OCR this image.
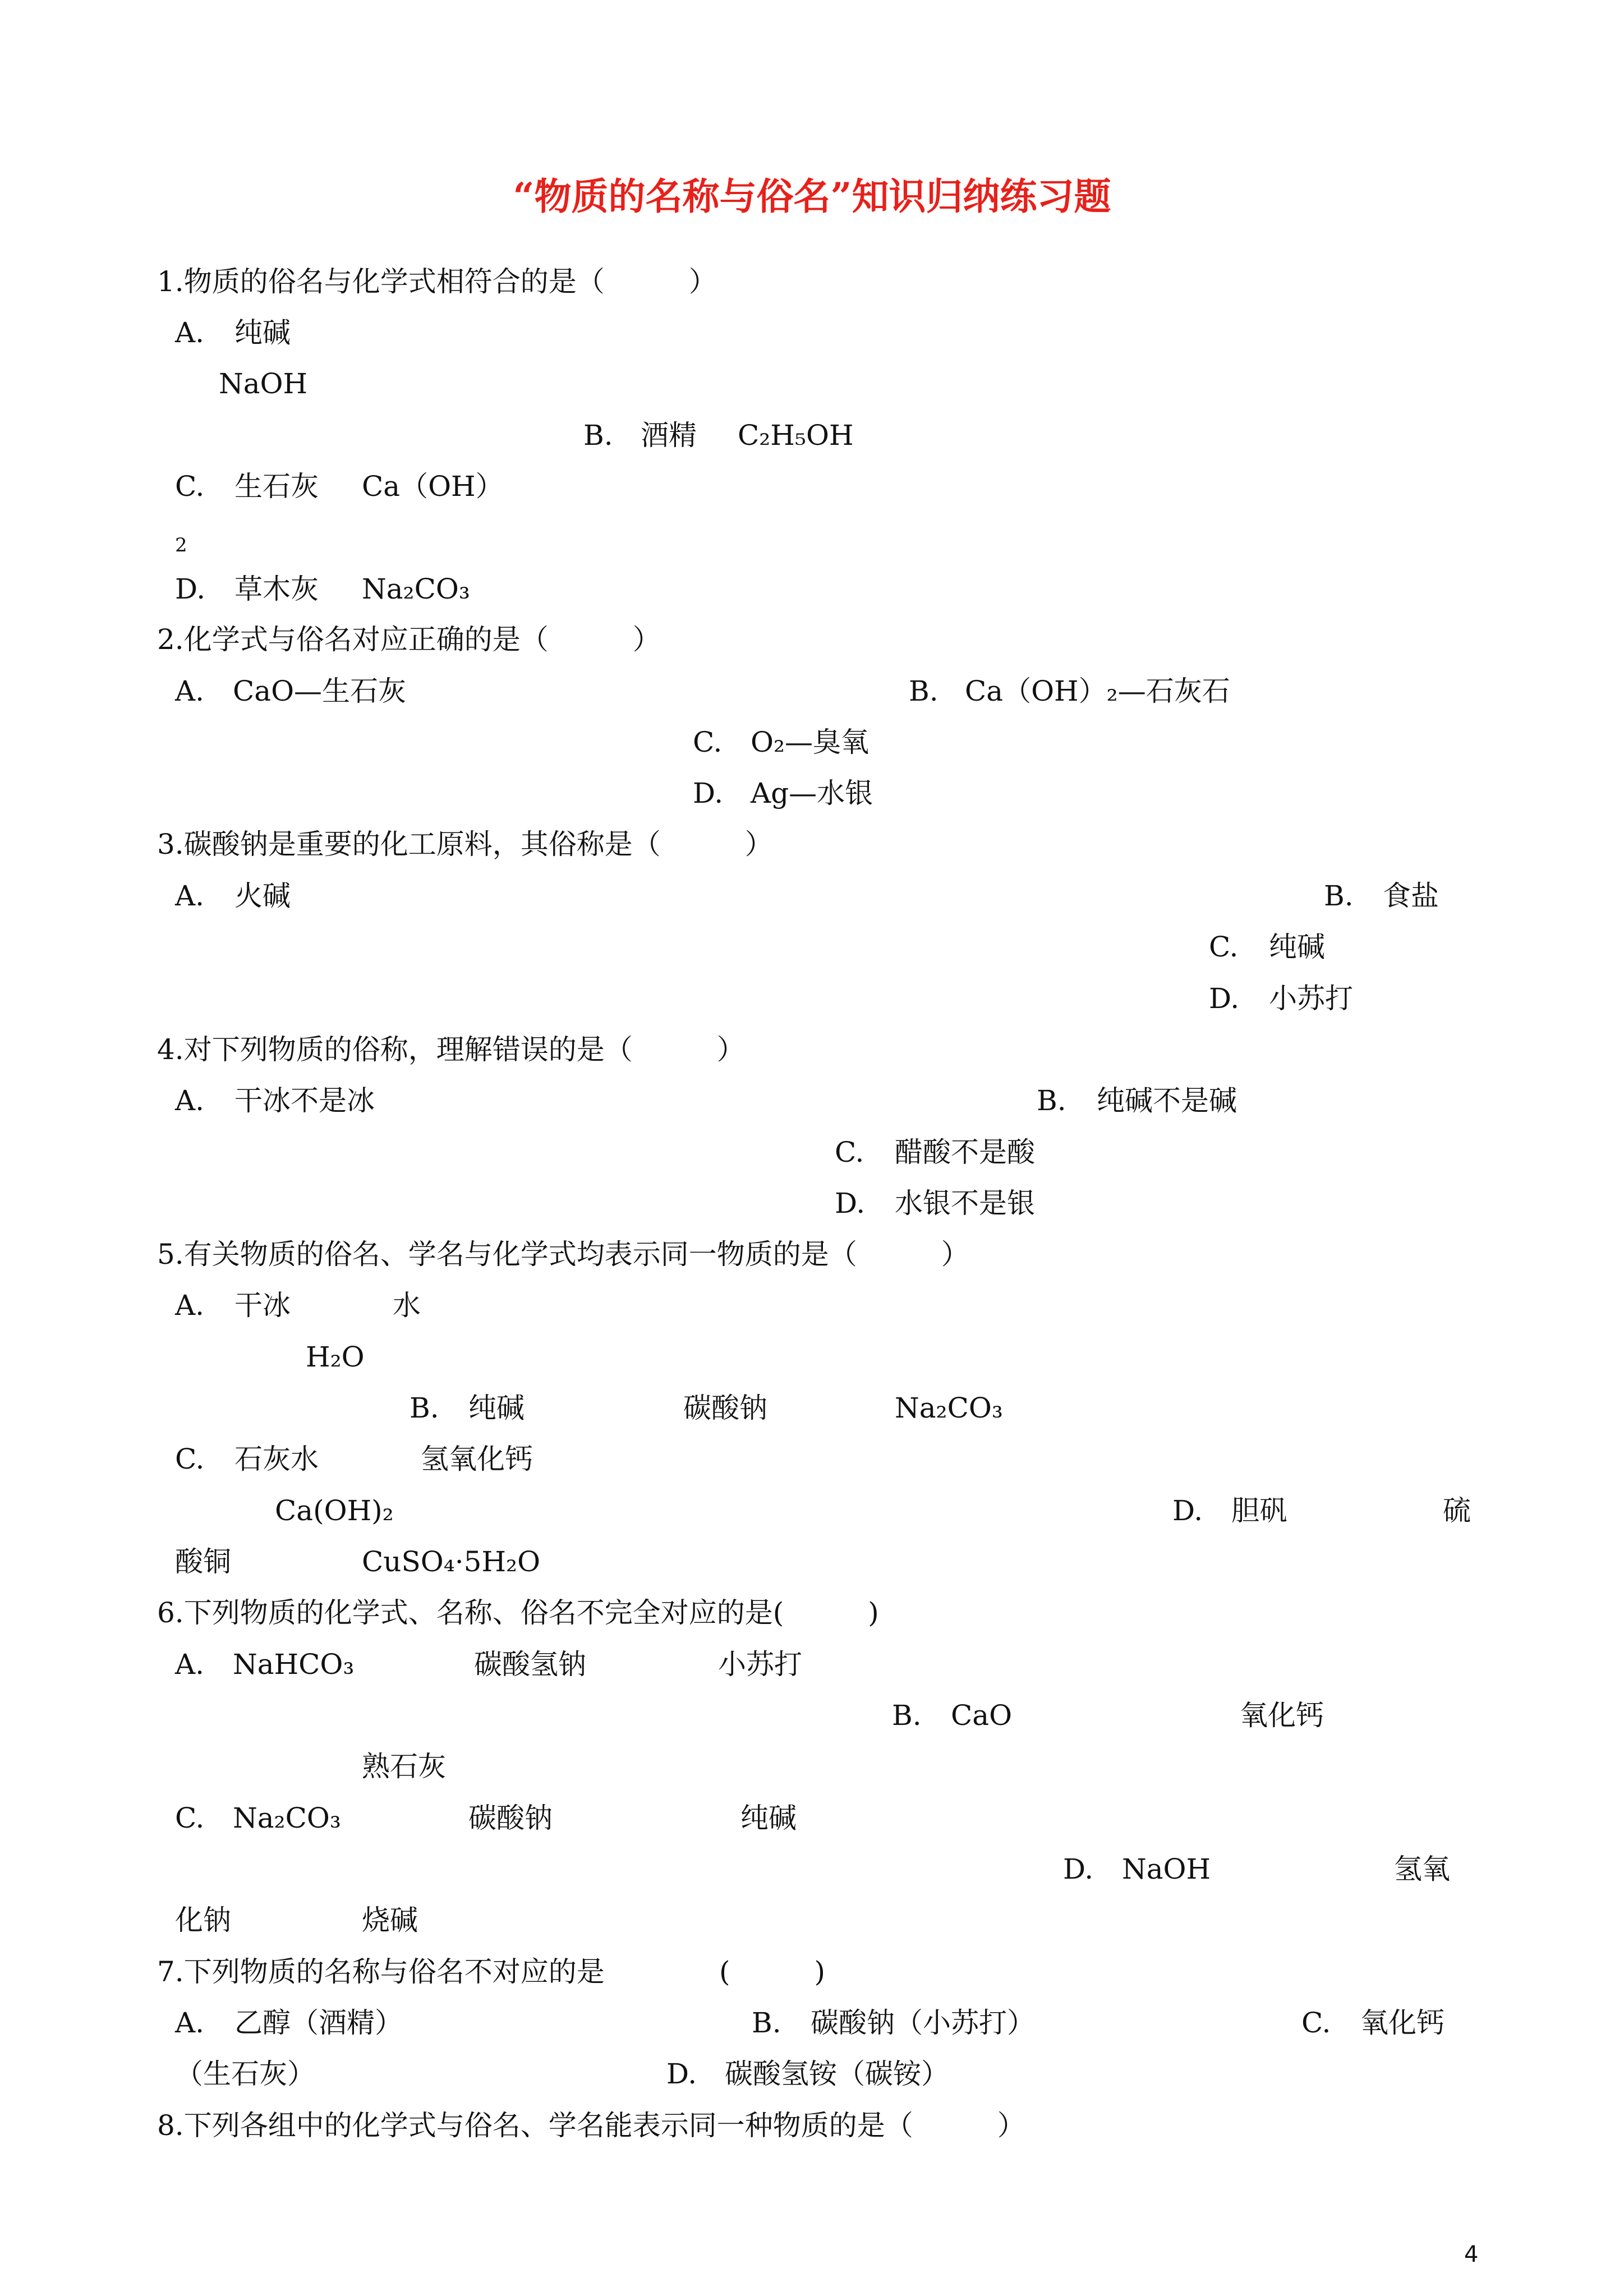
“物质的名称与俗名”知识归纳练习题
1.物质的俗名与化学式相符合的是（　　　）
A. 纯碱
NaOH
B. 酒精 C₂H₅OH
C. 生石灰 Ca（OH）
2
D. 草木灰 Na₂CO₃
2.化学式与俗名对应正确的是（　　　）
A. CaO—生石灰	B. Ca（OH）₂—石灰石
C. O₂—臭氧
D. Ag—水银
3.碳酸钠是重要的化工原料，其俗称是（　　　）
A. 火碱	B. 食盐
C. 纯碱
D. 小苏打
4.对下列物质的俗称，理解错误的是（　　　）
A. 干冰不是冰	B. 纯碱不是碱
C. 醋酸不是酸
D. 水银不是银
5.有关物质的俗名、学名与化学式均表示同一物质的是（　　　）
A. 干冰	水
H₂O
B. 纯碱	碳酸钠	Na₂CO₃
C. 石灰水	氢氧化钙
Ca(OH)₂	D. 胆矾	硫
酸铜	CuSO₄·5H₂O
6.下列物质的化学式、名称、俗名不完全对应的是(　　　)
A. NaHCO₃	碳酸氢钠	小苏打
B. CaO	氧化钙
熟石灰
C. Na₂CO₃	碳酸钠	纯碱
D. NaOH	氢氧
化钠	烧碱
7.下列物质的名称与俗名不对应的是	(　　　)
A. 乙醇（酒精）	B. 碳酸钠（小苏打）	C. 氧化钙
（生石灰）	D. 碳酸氢铵（碳铵）
8.下列各组中的化学式与俗名、学名能表示同一种物质的是（　　　）
4
